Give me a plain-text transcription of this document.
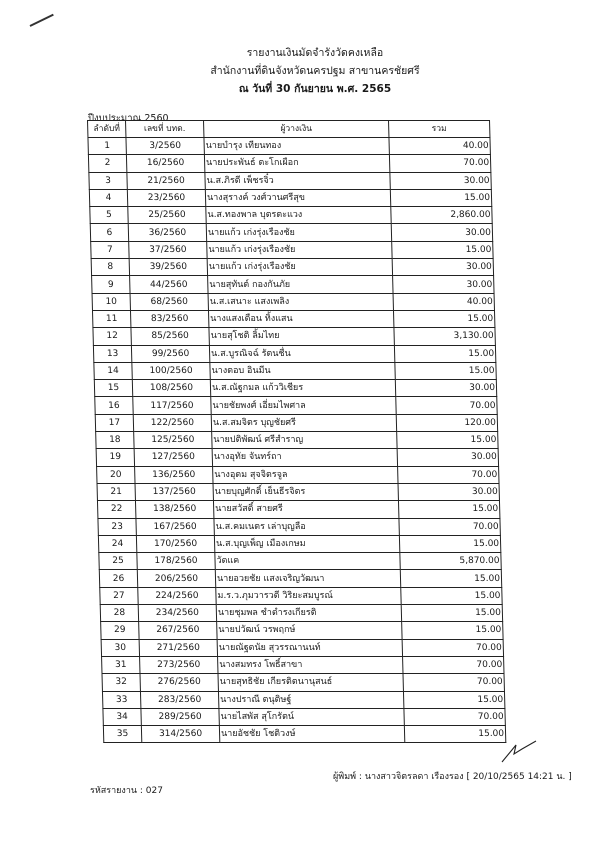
รายงานเงินมัดจำรังวัดคงเหลือ
สำนักงานที่ดินจังหวัดนครปฐม สาขานครชัยศรี
ณ วันที่ 30 กันยายน พ.ศ. 2565
ปีงบประมาณ 2560
ลำดับที่	เลขที่ บทด.	ผู้วางเงิน	รวม
1	3/2560	นายบำรุง เทียนทอง	40.00
2	16/2560	นายประพันธ์ ตะโกเผือก	70.00
3	21/2560	น.ส.ภิรดี เพ็ชรจิ๋ว	30.00
4	23/2560	นางสุรางค์ วงศ์วานศรีสุข	15.00
5	25/2560	น.ส.ทองพาล บุตรตะแวง	2,860.00
6	36/2560	นายแก้ว เก่งรุ่งเรืองชัย	30.00
7	37/2560	นายแก้ว เก่งรุ่งเรืองชัย	15.00
8	39/2560	นายแก้ว เก่งรุ่งเรืองชัย	30.00
9	44/2560	นายสุทันต์ กองกันภัย	30.00
10	68/2560	น.ส.เสนาะ แสงเพลิง	40.00
11	83/2560	นางแสงเดือน ทิ้งแสน	15.00
12	85/2560	นายสุโชติ ลิ้มไทย	3,130.00
13	99/2560	น.ส.บูรณิจฉ์ รัตนชื่น	15.00
14	100/2560	นางตอบ อินมีน	15.00
15	108/2560	น.ส.ณัฐกมล แก้ววิเชียร	30.00
16	117/2560	นายชัยพงศ์ เอี่ยมไพศาล	70.00
17	122/2560	น.ส.สมจิตร บุญชัยศรี	120.00
18	125/2560	นายปติพัฒน์ ศรีสำราญ	15.00
19	127/2560	นางอุทัย จันทร์ถา	30.00
20	136/2560	นางอุดม สุจจิตรจูล	70.00
21	137/2560	นายบุญศักดิ์ เย็นธีรจิตร	30.00
22	138/2560	นายสวัสดิ์ สายศรี	15.00
23	167/2560	น.ส.คมเนตร เล่าบุญลือ	70.00
24	170/2560	น.ส.บุญเพ็ญ เมืองเกษม	15.00
25	178/2560	วัดแค	5,870.00
26	206/2560	นายอวยชัย แสงเจริญวัฒนา	15.00
27	224/2560	ม.ร.ว.ภุมวารวดี วิริยะสมบูรณ์	15.00
28	234/2560	นายชุมพล ชำดำรงเกียรติ	15.00
29	267/2560	นายปวัฒน์ วรพฤกษ์	15.00
30	271/2560	นายณัฐดนัย สุวรรณานนท์	70.00
31	273/2560	นางสมทรง โพธิ์สาขา	70.00
32	276/2560	นายสุทธิชัย เกียรติตนานุสนธ์	70.00
33	283/2560	นางปราณี ตนุติษฐ์	15.00
34	289/2560	นายไสพัส สุโกรัตน์	70.00
35	314/2560	นายอัชชัย โชติวงษ์	15.00
รหัสรายงาน : 027
ผู้พิมพ์ : นางสาวจิตรลดา เรืองรอง [ 20/10/2565 14:21 น. ]
